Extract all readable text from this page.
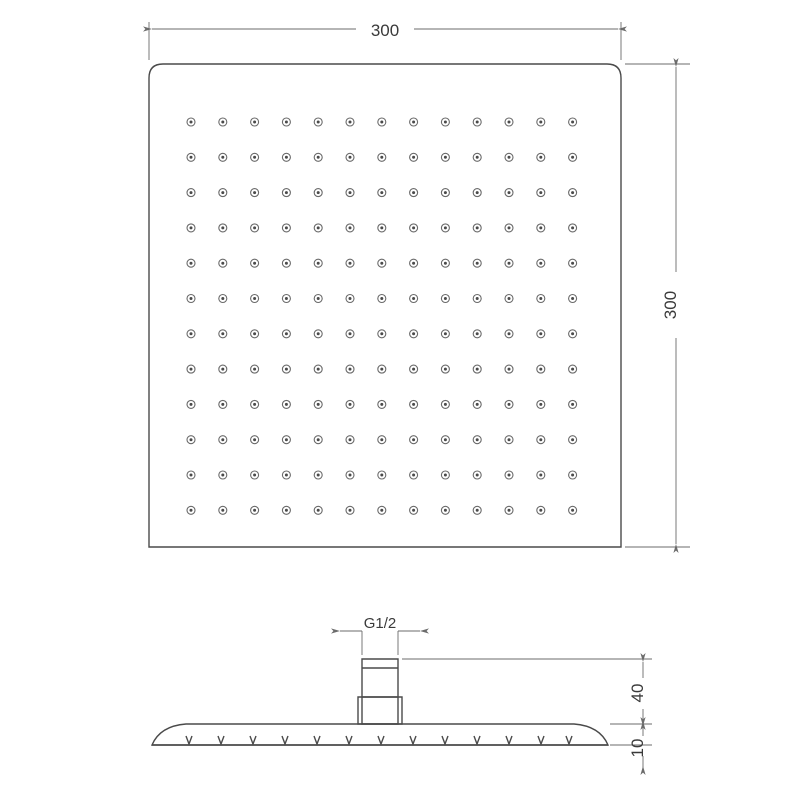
300
300
G1/2
40
10
